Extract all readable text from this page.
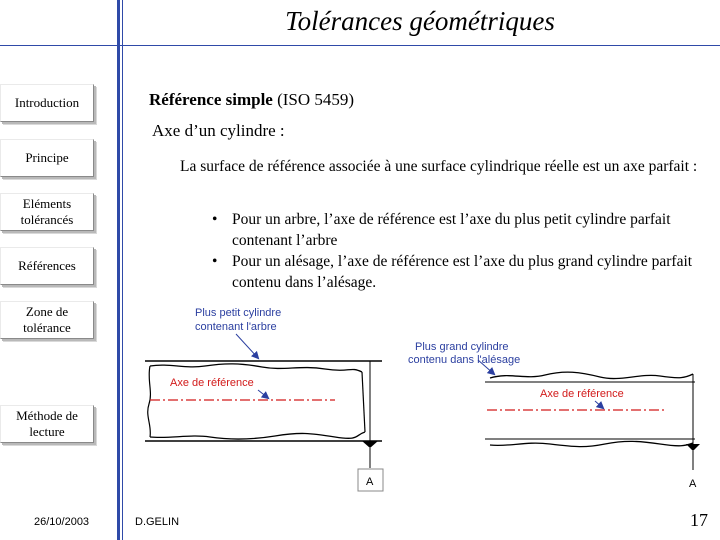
Tolérances géométriques
Introduction
Principe
Eléments
tolérancés
Références
Zone de
tolérance
Méthode de
lecture
Référence simple (ISO 5459)
Axe d’un cylindre :
La surface de référence associée à une surface cylindrique réelle est un axe parfait :
• Pour un arbre, l’axe de référence est l’axe du plus petit cylindre parfait contenant l’arbre
• Pour un alésage, l’axe de référence est l’axe du plus grand cylindre parfait contenu dans l’alésage.
Plus petit cylindre
contenant l'arbre
Axe de référence
A
Plus grand cylindre
contenu dans l'alésage
Axe de référence
A
26/10/2003	D.GELIN	17
